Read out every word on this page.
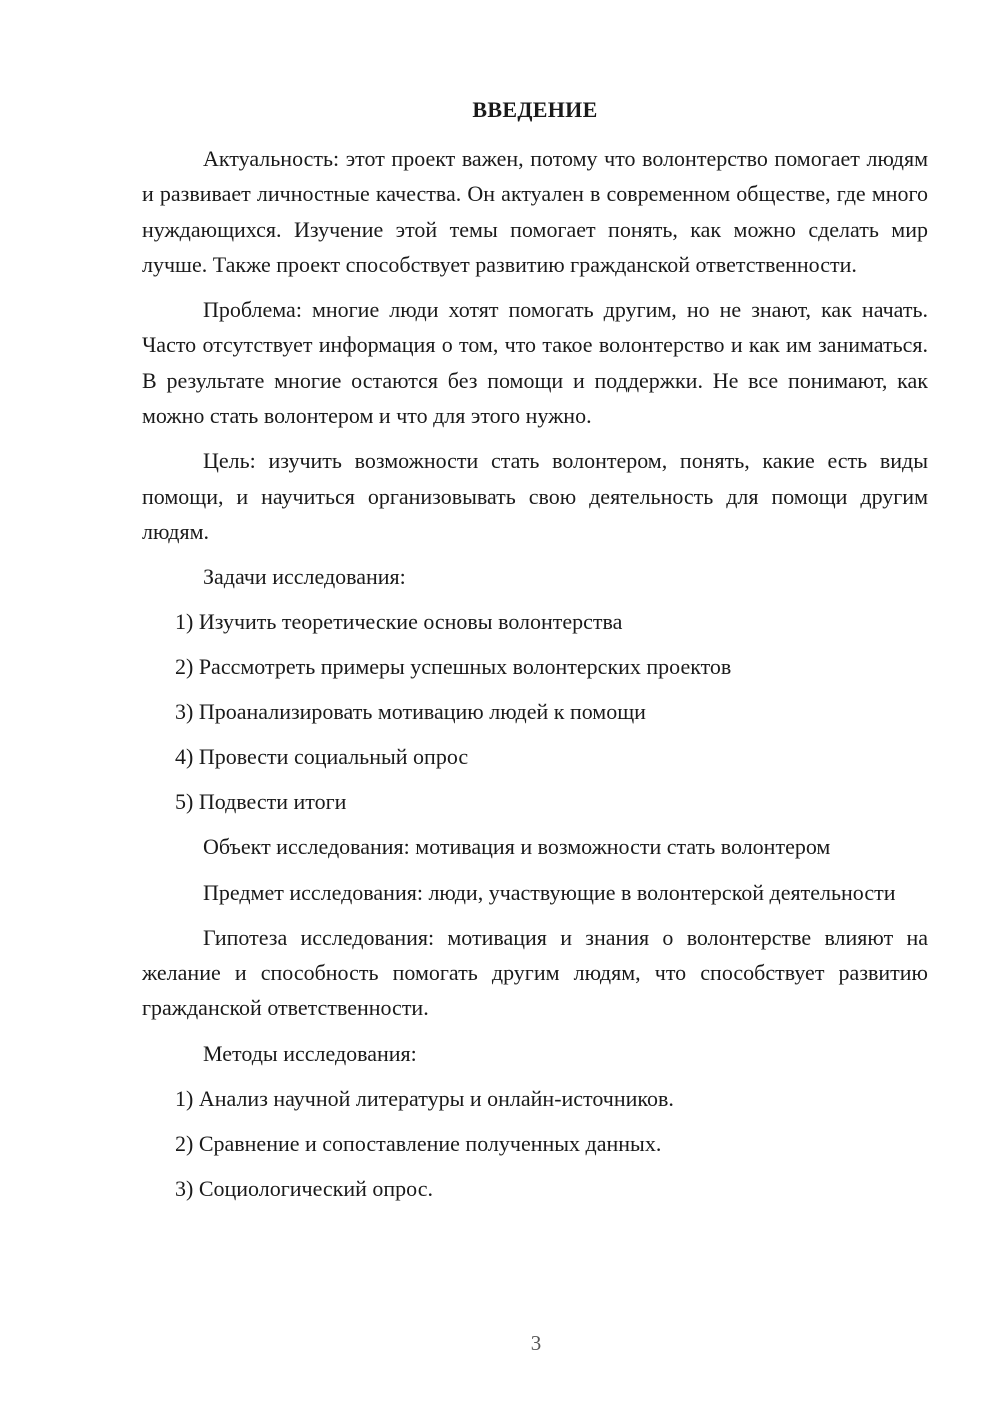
ВВЕДЕНИЕ

Актуальность: этот проект важен, потому что волонтерство помогает людям и развивает личностные качества. Он актуален в современном обществе, где много нуждающихся. Изучение этой темы помогает понять, как можно сделать мир лучше. Также проект способствует развитию гражданской ответственности.

Проблема: многие люди хотят помогать другим, но не знают, как начать. Часто отсутствует информация о том, что такое волонтерство и как им заниматься. В результате многие остаются без помощи и поддержки. Не все понимают, как можно стать волонтером и что для этого нужно.

Цель: изучить возможности стать волонтером, понять, какие есть виды помощи, и научиться организовывать свою деятельность для помощи другим людям.

Задачи исследования:
1) Изучить теоретические основы волонтерства
2) Рассмотреть примеры успешных волонтерских проектов
3) Проанализировать мотивацию людей к помощи
4) Провести социальный опрос
5) Подвести итоги

Объект исследования: мотивация и возможности стать волонтером

Предмет исследования: люди, участвующие в волонтерской деятельности

Гипотеза исследования: мотивация и знания о волонтерстве влияют на желание и способность помогать другим людям, что способствует развитию гражданской ответственности.

Методы исследования:
1) Анализ научной литературы и онлайн-источников.
2) Сравнение и сопоставление полученных данных.
3) Социологический опрос.
3
